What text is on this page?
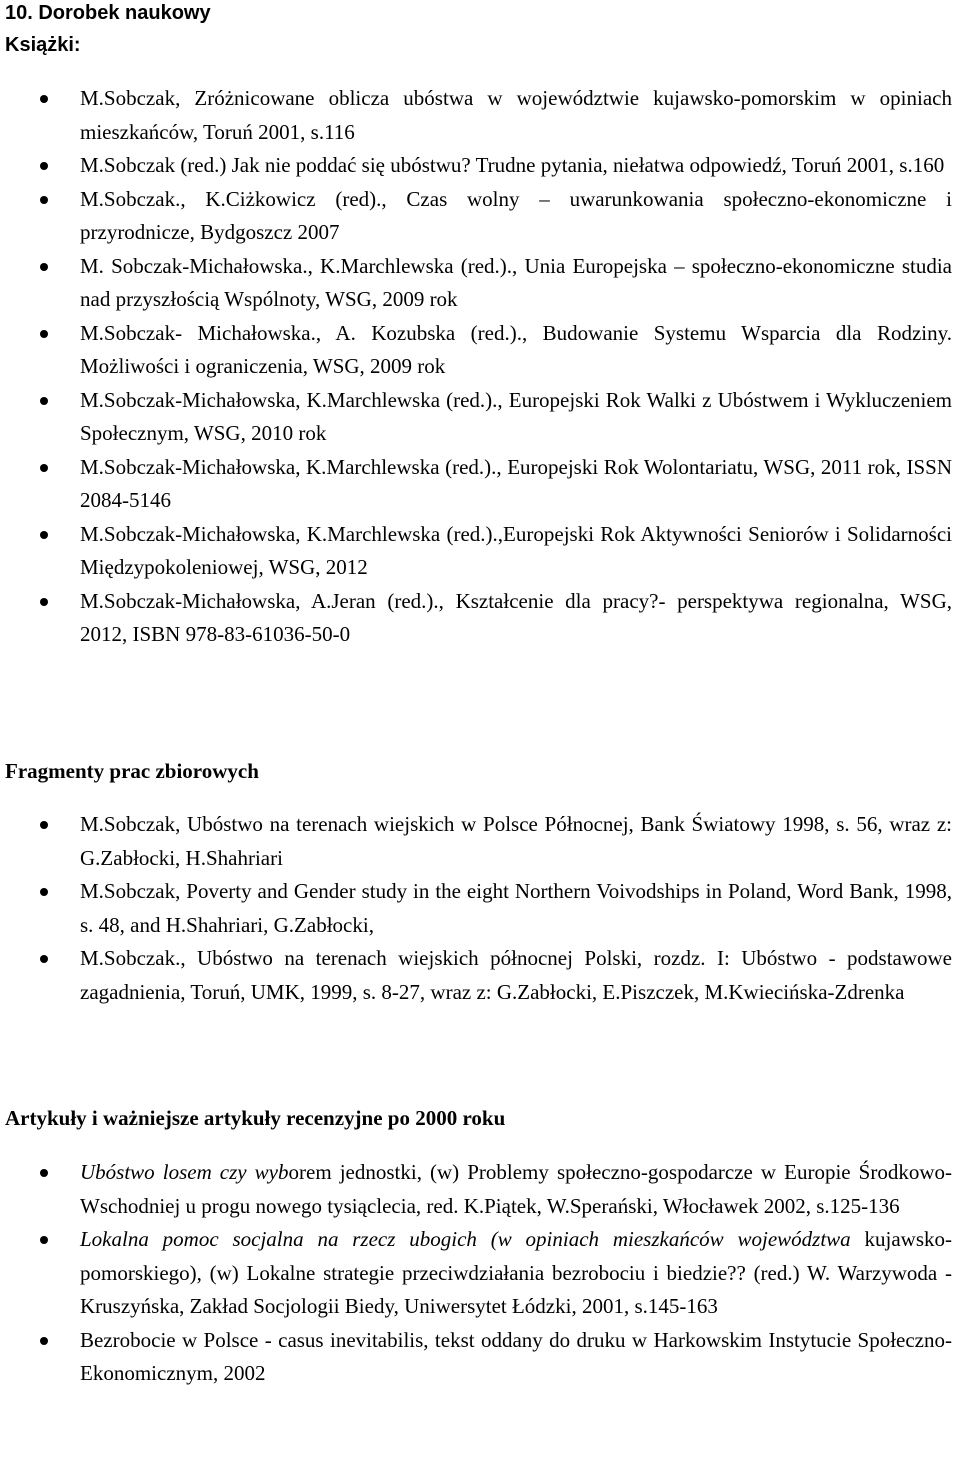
10. Dorobek naukowy
Książki:

M.Sobczak, Zróżnicowane oblicza ubóstwa w województwie kujawsko-pomorskim w opiniach mieszkańców, Toruń 2001, s.116

M.Sobczak (red.) Jak nie poddać się ubóstwu? Trudne pytania, niełatwa odpowiedź, Toruń 2001, s.160

M.Sobczak., K.Ciżkowicz (red)., Czas wolny – uwarunkowania społeczno-ekonomiczne i przyrodnicze, Bydgoszcz 2007

M. Sobczak-Michałowska., K.Marchlewska (red.)., Unia Europejska – społeczno-ekonomiczne studia nad przyszłością Wspólnoty, WSG, 2009 rok

M.Sobczak- Michałowska., A. Kozubska (red.)., Budowanie Systemu Wsparcia dla Rodziny. Możliwości i ograniczenia, WSG, 2009 rok

M.Sobczak-Michałowska, K.Marchlewska (red.)., Europejski Rok Walki z Ubóstwem i Wykluczeniem Społecznym, WSG, 2010 rok

M.Sobczak-Michałowska, K.Marchlewska (red.)., Europejski Rok Wolontariatu, WSG, 2011 rok, ISSN 2084-5146

M.Sobczak-Michałowska, K.Marchlewska (red.).,Europejski Rok Aktywności Seniorów i Solidarności Międzypokoleniowej, WSG, 2012

M.Sobczak-Michałowska, A.Jeran (red.)., Kształcenie dla pracy?- perspektywa regionalna, WSG, 2012, ISBN 978-83-61036-50-0

Fragmenty prac zbiorowych

M.Sobczak, Ubóstwo na terenach wiejskich w Polsce Północnej, Bank Światowy 1998, s. 56, wraz z: G.Zabłocki, H.Shahriari

M.Sobczak, Poverty and Gender study in the eight Northern Voivodships in Poland, Word Bank, 1998, s. 48, and H.Shahriari, G.Zabłocki,

M.Sobczak., Ubóstwo na terenach wiejskich północnej Polski, rozdz. I: Ubóstwo - podstawowe zagadnienia, Toruń, UMK, 1999, s. 8-27, wraz z: G.Zabłocki, E.Piszczek, M.Kwiecińska-Zdrenka

Artykuły i ważniejsze artykuły recenzyjne po 2000 roku

Ubóstwo losem czy wyborem jednostki, (w) Problemy społeczno-gospodarcze w Europie Środkowo-Wschodniej u progu nowego tysiąclecia, red. K.Piątek, W.Sperański, Włocławek 2002, s.125-136

Lokalna pomoc socjalna na rzecz ubogich (w opiniach mieszkańców województwa kujawsko-pomorskiego), (w) Lokalne strategie przeciwdziałania bezrobociu i biedzie?? (red.) W. Warzywoda - Kruszyńska, Zakład Socjologii Biedy, Uniwersytet Łódzki, 2001, s.145-163

Bezrobocie w Polsce - casus inevitabilis, tekst oddany do druku w Harkowskim Instytucie Społeczno-Ekonomicznym, 2002
